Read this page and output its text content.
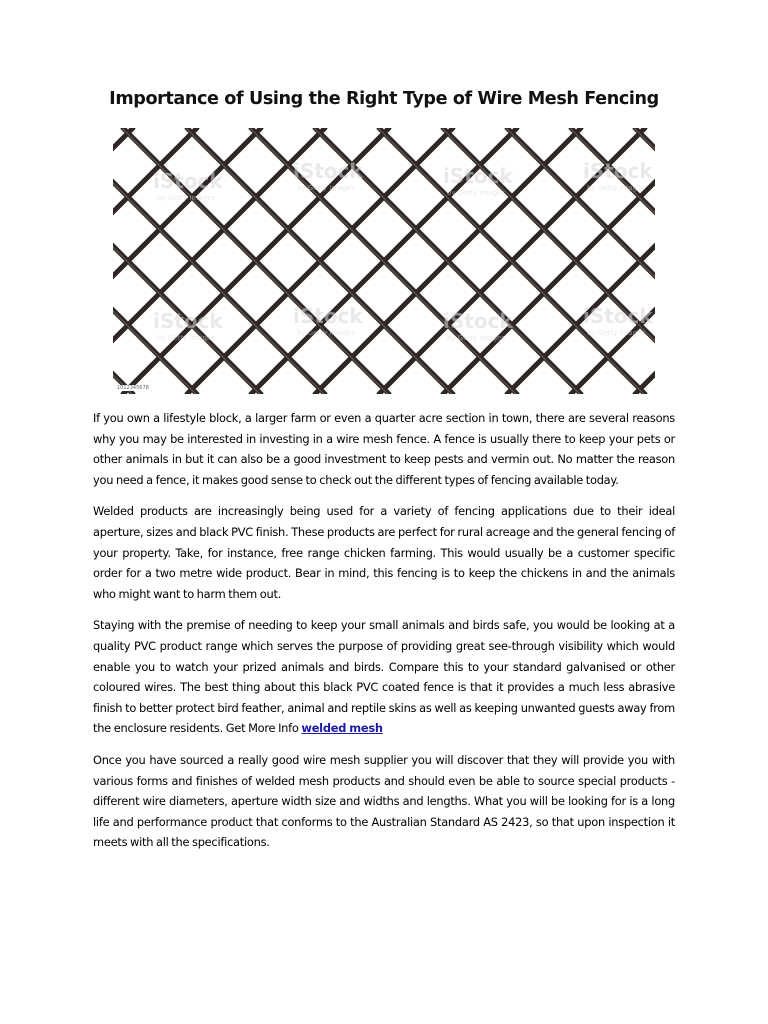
Importance of Using the Right Type of Wire Mesh Fencing
iStock
by Getty Images
iStock
by Getty Images	iStock
by Getty Images
iStock
by Getty Images
iStock
by Getty Images
iStock
by Getty Images	iStock
by Getty Images
iStock
by Getty Images
1012345678

If you own a lifestyle block, a larger farm or even a quarter acre section in town, there are several reasons why you may be interested in investing in a wire mesh fence. A fence is usually there to keep your pets or other animals in but it can also be a good investment to keep pests and vermin out. No matter the reason you need a fence, it makes good sense to check out the different types of fencing available today.

Welded products are increasingly being used for a variety of fencing applications due to their ideal aperture, sizes and black PVC finish. These products are perfect for rural acreage and the general fencing of your property. Take, for instance, free range chicken farming. This would usually be a customer specific order for a two metre wide product. Bear in mind, this fencing is to keep the chickens in and the animals who might want to harm them out.

Staying with the premise of needing to keep your small animals and birds safe, you would be looking at a quality PVC product range which serves the purpose of providing great see-through visibility which would enable you to watch your prized animals and birds. Compare this to your standard galvanised or other coloured wires. The best thing about this black PVC coated fence is that it provides a much less abrasive finish to better protect bird feather, animal and reptile skins as well as keeping unwanted guests away from the enclosure residents. Get More Info welded mesh

Once you have sourced a really good wire mesh supplier you will discover that they will provide you with various forms and finishes of welded mesh products and should even be able to source special products - different wire diameters, aperture width size and widths and lengths. What you will be looking for is a long life and performance product that conforms to the Australian Standard AS 2423, so that upon inspection it meets with all the specifications.
